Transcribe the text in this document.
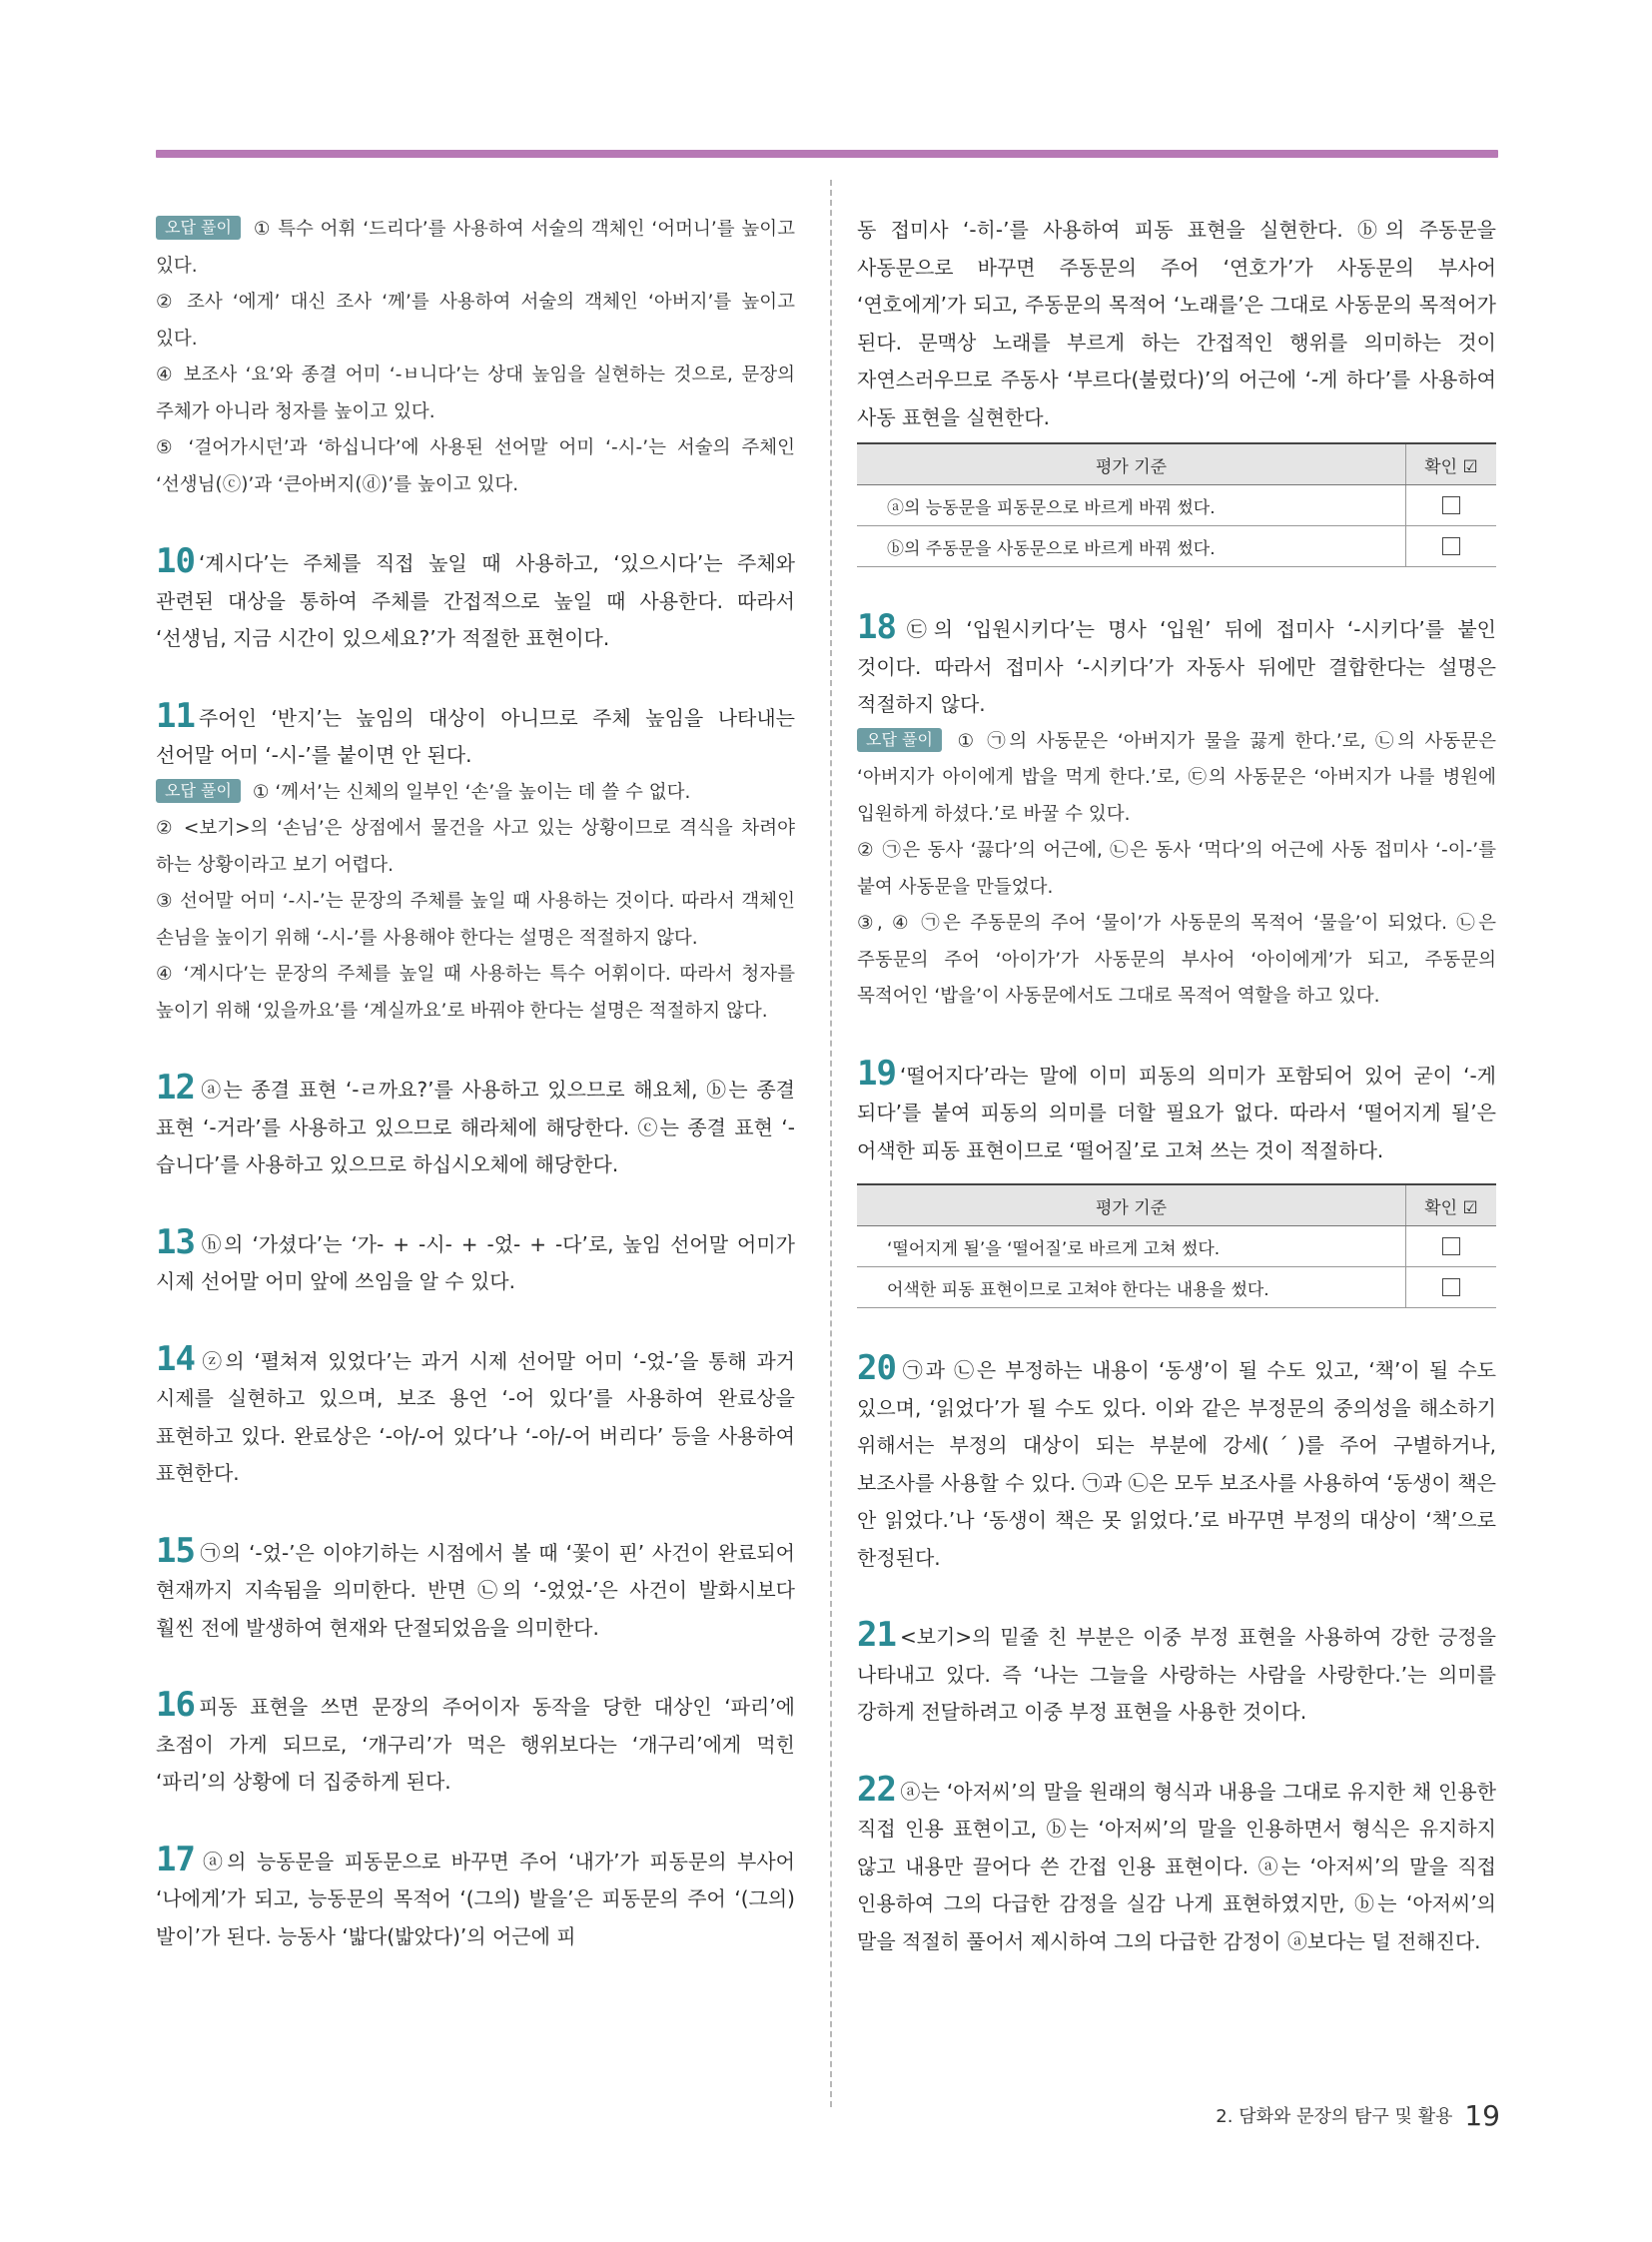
오답 풀이 ① 특수 어휘 ‘드리다’를 사용하여 서술의 객체인 ‘어머니’를 높이고 있다.

② 조사 ‘에게’ 대신 조사 ‘께’를 사용하여 서술의 객체인 ‘아버지’를 높이고 있다.

④ 보조사 ‘요’와 종결 어미 ‘-ㅂ니다’는 상대 높임을 실현하는 것으로, 문장의 주체가 아니라 청자를 높이고 있다.

⑤ ‘걸어가시던’과 ‘하십니다’에 사용된 선어말 어미 ‘-시-’는 서술의 주체인 ‘선생님(ⓒ)’과 ‘큰아버지(ⓓ)’를 높이고 있다.

10 ‘계시다’는 주체를 직접 높일 때 사용하고, ‘있으시다’는 주체와 관련된 대상을 통하여 주체를 간접적으로 높일 때 사용한다. 따라서 ‘선생님, 지금 시간이 있으세요?’가 적절한 표현이다.

11 주어인 ‘반지’는 높임의 대상이 아니므로 주체 높임을 나타내는 선어말 어미 ‘-시-’를 붙이면 안 된다.

오답 풀이 ① ‘께서’는 신체의 일부인 ‘손’을 높이는 데 쓸 수 없다.

② <보기>의 ‘손님’은 상점에서 물건을 사고 있는 상황이므로 격식을 차려야 하는 상황이라고 보기 어렵다.

③ 선어말 어미 ‘-시-’는 문장의 주체를 높일 때 사용하는 것이다. 따라서 객체인 손님을 높이기 위해 ‘-시-’를 사용해야 한다는 설명은 적절하지 않다.

④ ‘계시다’는 문장의 주체를 높일 때 사용하는 특수 어휘이다. 따라서 청자를 높이기 위해 ‘있을까요’를 ‘계실까요’로 바꿔야 한다는 설명은 적절하지 않다.

12 ⓐ는 종결 표현 ‘-ㄹ까요?’를 사용하고 있으므로 해요체, ⓑ는 종결 표현 ‘-거라’를 사용하고 있으므로 해라체에 해당한다. ⓒ는 종결 표현 ‘-습니다’를 사용하고 있으므로 하십시오체에 해당한다.

13 ⓗ의 ‘가셨다’는 ‘가- + -시- + -었- + -다’로, 높임 선어말 어미가 시제 선어말 어미 앞에 쓰임을 알 수 있다.

14 ⓩ의 ‘펼쳐져 있었다’는 과거 시제 선어말 어미 ‘-었-’을 통해 과거 시제를 실현하고 있으며, 보조 용언 ‘-어 있다’를 사용하여 완료상을 표현하고 있다. 완료상은 ‘-아/-어 있다’나 ‘-아/-어 버리다’ 등을 사용하여 표현한다.

15 ㉠의 ‘-었-’은 이야기하는 시점에서 볼 때 ‘꽃이 핀’ 사건이 완료되어 현재까지 지속됨을 의미한다. 반면 ㉡의 ‘-었었-’은 사건이 발화시보다 훨씬 전에 발생하여 현재와 단절되었음을 의미한다.

16 피동 표현을 쓰면 문장의 주어이자 동작을 당한 대상인 ‘파리’에 초점이 가게 되므로, ‘개구리’가 먹은 행위보다는 ‘개구리’에게 먹힌 ‘파리’의 상황에 더 집중하게 된다.

17 ⓐ의 능동문을 피동문으로 바꾸면 주어 ‘내가’가 피동문의 부사어 ‘나에게’가 되고, 능동문의 목적어 ‘(그의) 발을’은 피동문의 주어 ‘(그의) 발이’가 된다. 능동사 ‘밟다(밟았다)’의 어근에 피

동 접미사 ‘-히-’를 사용하여 피동 표현을 실현한다. ⓑ의 주동문을 사동문으로 바꾸면 주동문의 주어 ‘연호가’가 사동문의 부사어 ‘연호에게’가 되고, 주동문의 목적어 ‘노래를’은 그대로 사동문의 목적어가 된다. 문맥상 노래를 부르게 하는 간접적인 행위를 의미하는 것이 자연스러우므로 주동사 ‘부르다(불렀다)’의 어근에 ‘-게 하다’를 사용하여 사동 표현을 실현한다.

평가 기준	확인 ☑
ⓐ의 능동문을 피동문으로 바르게 바꿔 썼다.	
ⓑ의 주동문을 사동문으로 바르게 바꿔 썼다.	

18 ㉢의 ‘입원시키다’는 명사 ‘입원’ 뒤에 접미사 ‘-시키다’를 붙인 것이다. 따라서 접미사 ‘-시키다’가 자동사 뒤에만 결합한다는 설명은 적절하지 않다.

오답 풀이 ① ㉠의 사동문은 ‘아버지가 물을 끓게 한다.’로, ㉡의 사동문은 ‘아버지가 아이에게 밥을 먹게 한다.’로, ㉢의 사동문은 ‘아버지가 나를 병원에 입원하게 하셨다.’로 바꿀 수 있다.

② ㉠은 동사 ‘끓다’의 어근에, ㉡은 동사 ‘먹다’의 어근에 사동 접미사 ‘-이-’를 붙여 사동문을 만들었다.

③, ④ ㉠은 주동문의 주어 ‘물이’가 사동문의 목적어 ‘물을’이 되었다. ㉡은 주동문의 주어 ‘아이가’가 사동문의 부사어 ‘아이에게’가 되고, 주동문의 목적어인 ‘밥을’이 사동문에서도 그대로 목적어 역할을 하고 있다.

19 ‘떨어지다’라는 말에 이미 피동의 의미가 포함되어 있어 굳이 ‘-게 되다’를 붙여 피동의 의미를 더할 필요가 없다. 따라서 ‘떨어지게 될’은 어색한 피동 표현이므로 ‘떨어질’로 고쳐 쓰는 것이 적절하다.

평가 기준	확인 ☑
‘떨어지게 될’을 ‘떨어질’로 바르게 고쳐 썼다.	
어색한 피동 표현이므로 고쳐야 한다는 내용을 썼다.	

20 ㉠과 ㉡은 부정하는 내용이 ‘동생’이 될 수도 있고, ‘책’이 될 수도 있으며, ‘읽었다’가 될 수도 있다. 이와 같은 부정문의 중의성을 해소하기 위해서는 부정의 대상이 되는 부분에 강세(ˊ)를 주어 구별하거나, 보조사를 사용할 수 있다. ㉠과 ㉡은 모두 보조사를 사용하여 ‘동생이 책은 안 읽었다.’나 ‘동생이 책은 못 읽었다.’로 바꾸면 부정의 대상이 ‘책’으로 한정된다.

21 <보기>의 밑줄 친 부분은 이중 부정 표현을 사용하여 강한 긍정을 나타내고 있다. 즉 ‘나는 그늘을 사랑하는 사람을 사랑한다.’는 의미를 강하게 전달하려고 이중 부정 표현을 사용한 것이다.

22 ⓐ는 ‘아저씨’의 말을 원래의 형식과 내용을 그대로 유지한 채 인용한 직접 인용 표현이고, ⓑ는 ‘아저씨’의 말을 인용하면서 형식은 유지하지 않고 내용만 끌어다 쓴 간접 인용 표현이다. ⓐ는 ‘아저씨’의 말을 직접 인용하여 그의 다급한 감정을 실감 나게 표현하였지만, ⓑ는 ‘아저씨’의 말을 적절히 풀어서 제시하여 그의 다급한 감정이 ⓐ보다는 덜 전해진다.

2. 담화와 문장의 탐구 및 활용 19
